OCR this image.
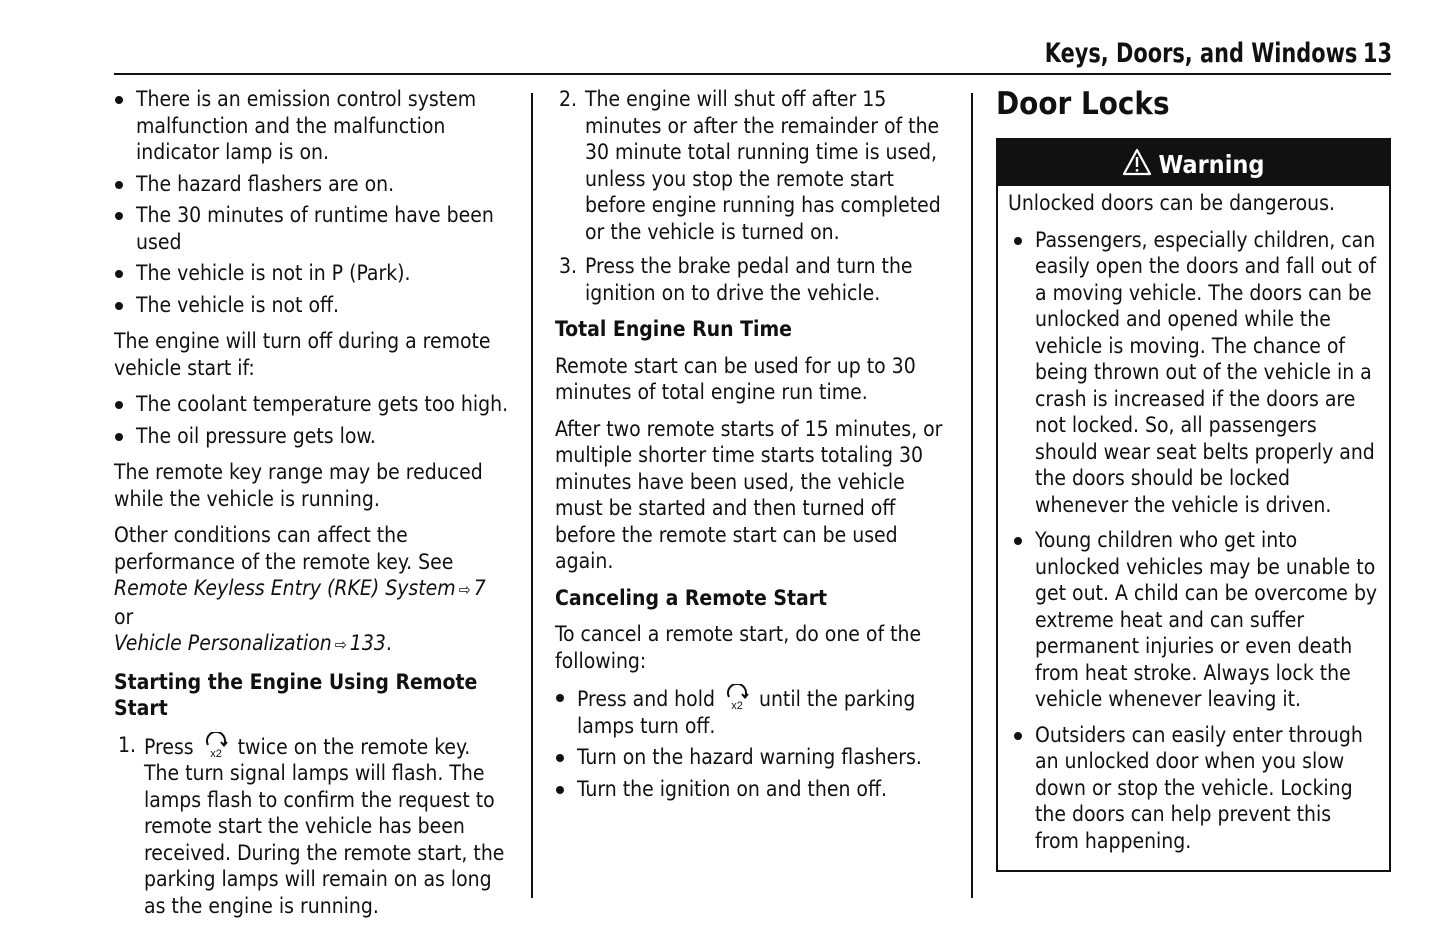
Keys, Doors, and Windows 13
There is an emission control system malfunction and the malfunction indicator lamp is on.
The hazard flashers are on.
The 30 minutes of runtime have been used
The vehicle is not in P (Park).
The vehicle is not off.

The engine will turn off during a remote vehicle start if:

The coolant temperature gets too high.
The oil pressure gets low.

The remote key range may be reduced while the vehicle is running.

Other conditions can affect the performance of the remote key. See Remote Keyless Entry (RKE) System ⇨ 7 or
Vehicle Personalization ⇨ 133.

Starting the Engine Using Remote Start

1. Press x2 twice on the remote key. The turn signal lamps will flash. The lamps flash to confirm the request to remote start the vehicle has been received. During the remote start, the parking lamps will remain on as long as the engine is running.
2. The engine will shut off after 15 minutes or after the remainder of the 30 minute total running time is used, unless you stop the remote start before engine running has completed or the vehicle is turned on.
3. Press the brake pedal and turn the ignition on to drive the vehicle.

Total Engine Run Time

Remote start can be used for up to 30 minutes of total engine run time.

After two remote starts of 15 minutes, or multiple shorter time starts totaling 30 minutes have been used, the vehicle must be started and then turned off before the remote start can be used again.

Canceling a Remote Start

To cancel a remote start, do one of the following:

Press and hold x2 until the parking lamps turn off.
Turn on the hazard warning flashers.
Turn the ignition on and then off.
Door Locks
Warning

Unlocked doors can be dangerous.

Passengers, especially children, can easily open the doors and fall out of a moving vehicle. The doors can be unlocked and opened while the vehicle is moving. The chance of being thrown out of the vehicle in a crash is increased if the doors are not locked. So, all passengers should wear seat belts properly and the doors should be locked whenever the vehicle is driven.
Young children who get into unlocked vehicles may be unable to get out. A child can be overcome by extreme heat and can suffer permanent injuries or even death from heat stroke. Always lock the vehicle whenever leaving it.
Outsiders can easily enter through an unlocked door when you slow down or stop the vehicle. Locking the doors can help prevent this from happening.
